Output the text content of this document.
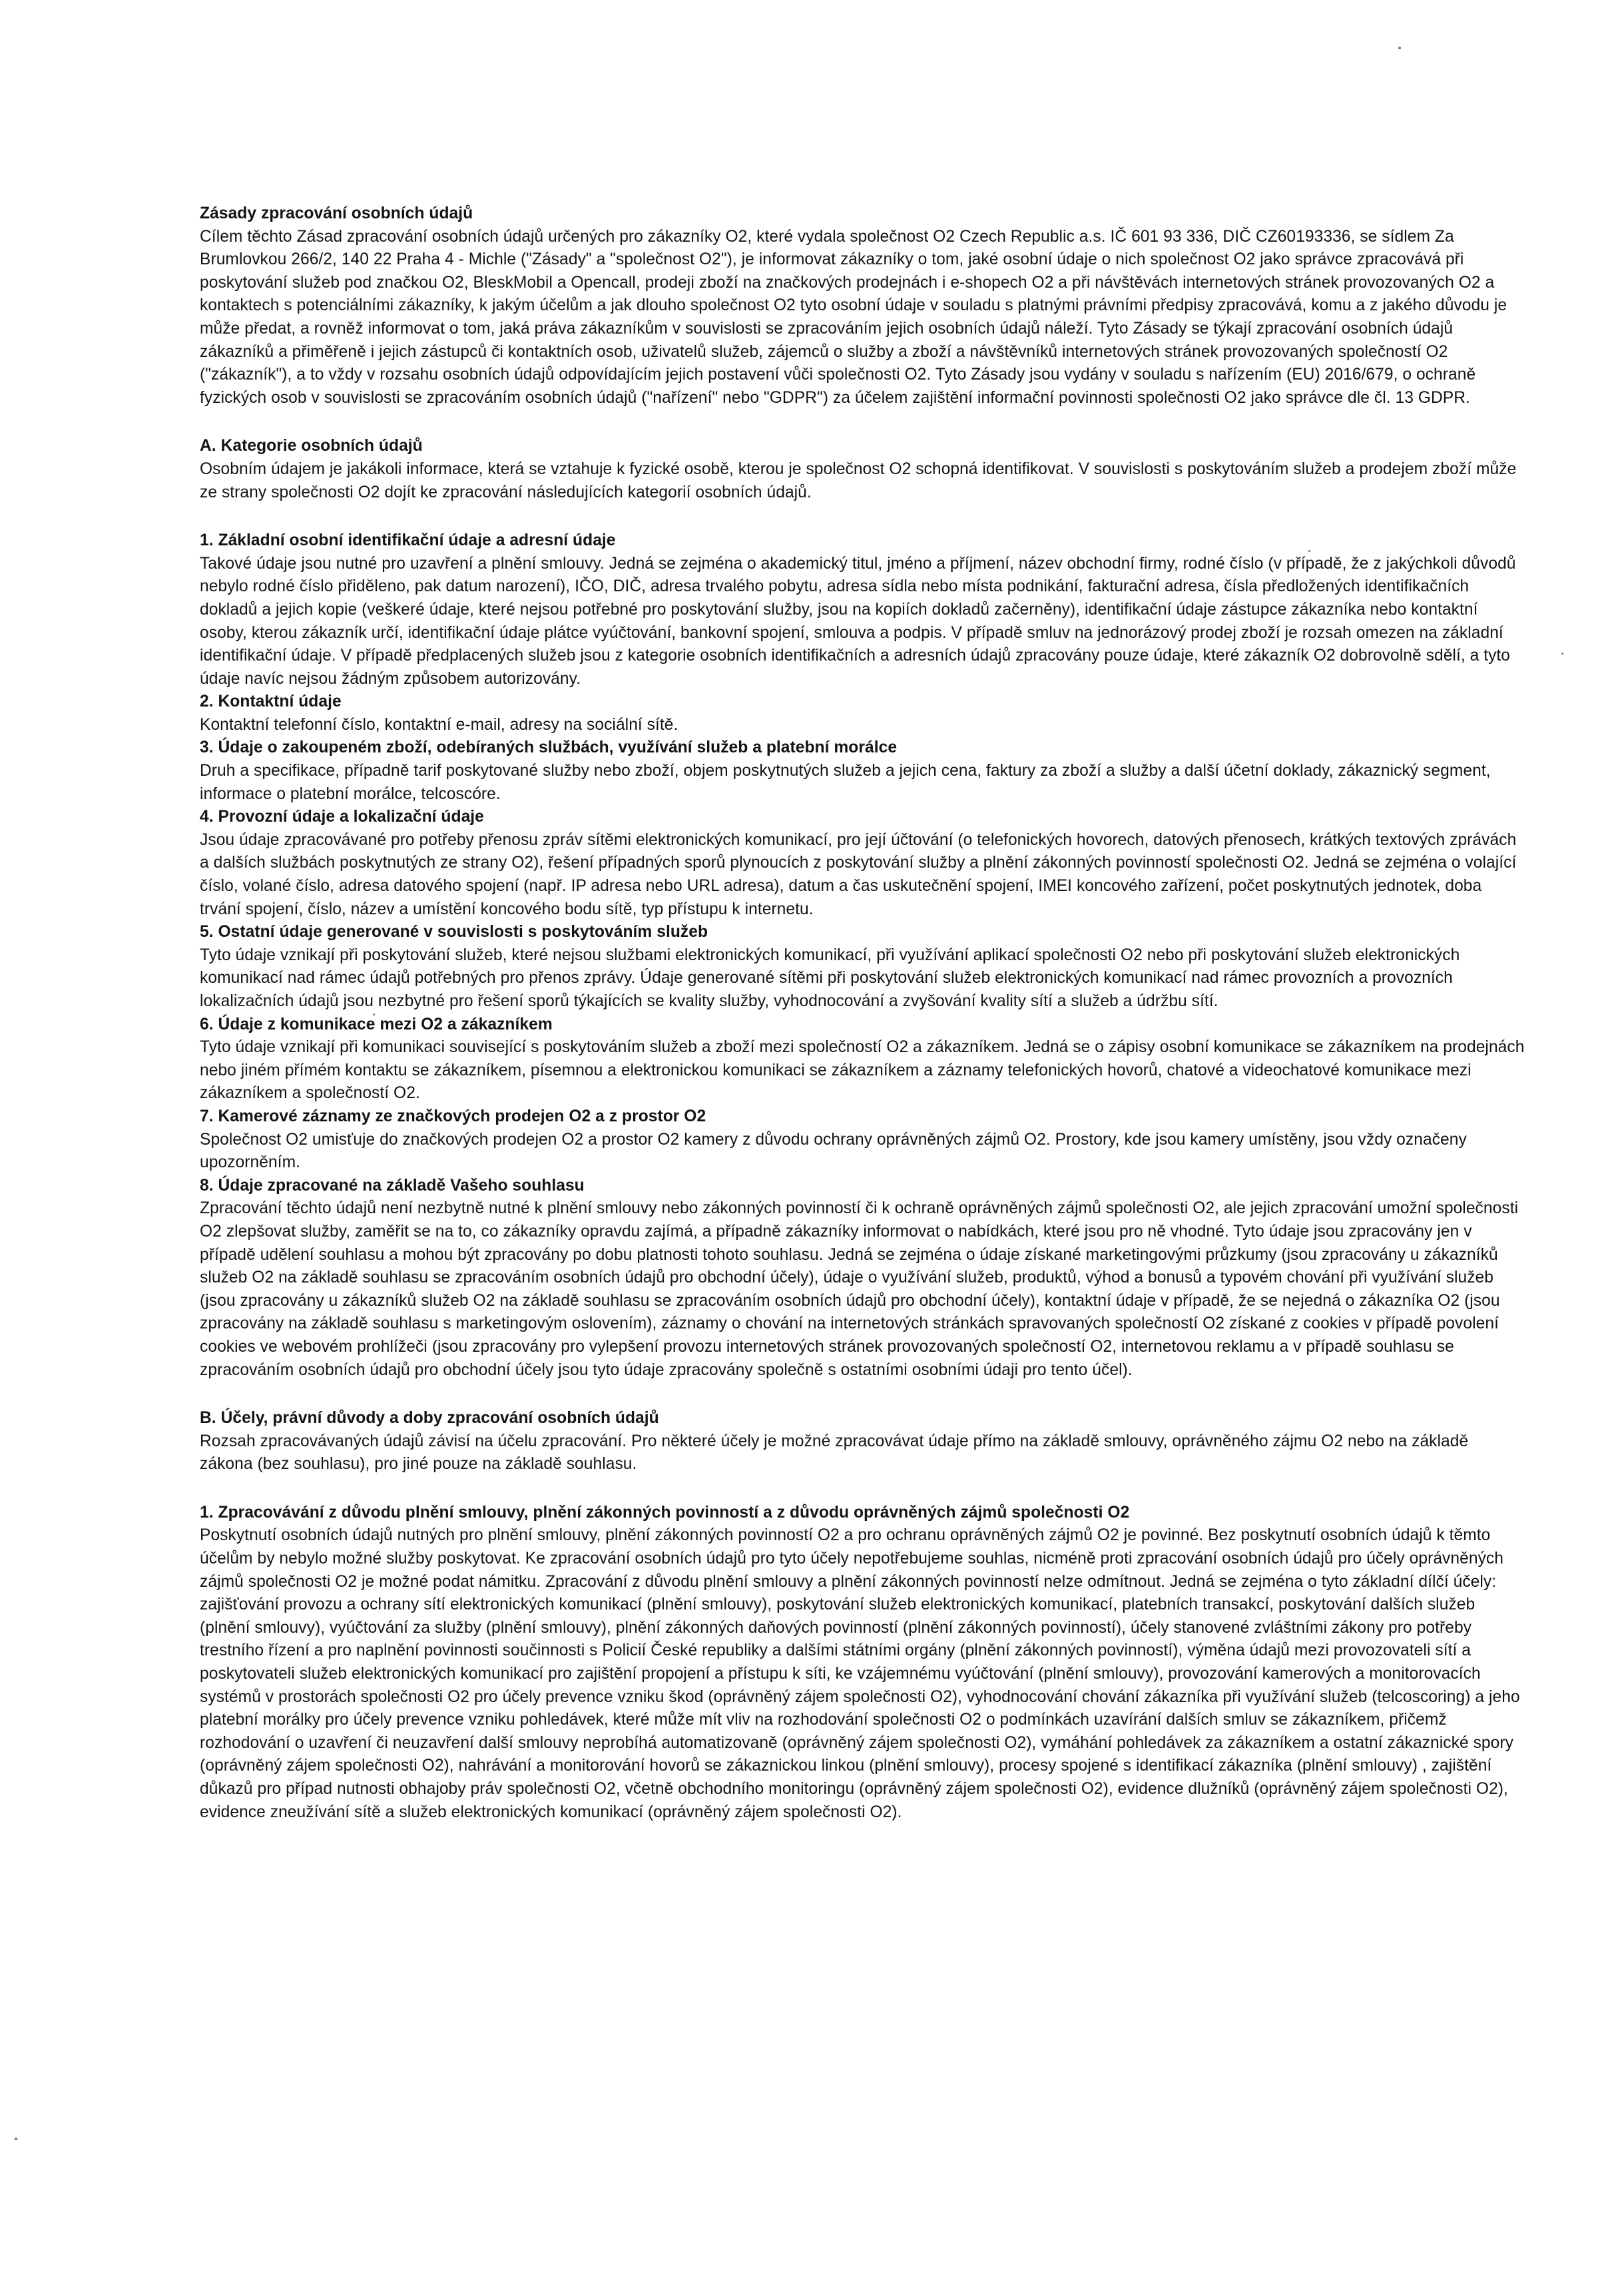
Zásady zpracování osobních údajů

Cílem těchto Zásad zpracování osobních údajů určených pro zákazníky O2, které vydala společnost O2 Czech Republic a.s. IČ 601 93 336, DIČ CZ60193336, se sídlem Za Brumlovkou 266/2, 140 22 Praha 4 - Michle ("Zásady" a "společnost O2"), je informovat zákazníky o tom, jaké osobní údaje o nich společnost O2 jako správce zpracovává při poskytování služeb pod značkou O2, BleskMobil a Opencall, prodeji zboží na značkových prodejnách i e-shopech O2 a při návštěvách internetových stránek provozovaných O2 a kontaktech s potenciálními zákazníky, k jakým účelům a jak dlouho společnost O2 tyto osobní údaje v souladu s platnými právními předpisy zpracovává, komu a z jakého důvodu je může předat, a rovněž informovat o tom, jaká práva zákazníkům v souvislosti se zpracováním jejich osobních údajů náleží. Tyto Zásady se týkají zpracování osobních údajů zákazníků a přiměřeně i jejich zástupců či kontaktních osob, uživatelů služeb, zájemců o služby a zboží a návštěvníků internetových stránek provozovaných společností O2 ("zákazník"), a to vždy v rozsahu osobních údajů odpovídajícím jejich postavení vůči společnosti O2. Tyto Zásady jsou vydány v souladu s nařízením (EU) 2016/679, o ochraně fyzických osob v souvislosti se zpracováním osobních údajů ("nařízení" nebo "GDPR") za účelem zajištění informační povinnosti společnosti O2 jako správce dle čl. 13 GDPR.

A. Kategorie osobních údajů

Osobním údajem je jakákoli informace, která se vztahuje k fyzické osobě, kterou je společnost O2 schopná identifikovat. V souvislosti s poskytováním služeb a prodejem zboží může ze strany společnosti O2 dojít ke zpracování následujících kategorií osobních údajů.

1. Základní osobní identifikační údaje a adresní údaje

Takové údaje jsou nutné pro uzavření a plnění smlouvy. Jedná se zejména o akademický titul, jméno a příjmení, název obchodní firmy, rodné číslo (v případě, že z jakýchkoli důvodů nebylo rodné číslo přiděleno, pak datum narození), IČO, DIČ, adresa trvalého pobytu, adresa sídla nebo místa podnikání, fakturační adresa, čísla předložených identifikačních dokladů a jejich kopie (veškeré údaje, které nejsou potřebné pro poskytování služby, jsou na kopiích dokladů začerněny), identifikační údaje zástupce zákazníka nebo kontaktní osoby, kterou zákazník určí, identifikační údaje plátce vyúčtování, bankovní spojení, smlouva a podpis. V případě smluv na jednorázový prodej zboží je rozsah omezen na základní identifikační údaje. V případě předplacených služeb jsou z kategorie osobních identifikačních a adresních údajů zpracovány pouze údaje, které zákazník O2 dobrovolně sdělí, a tyto údaje navíc nejsou žádným způsobem autorizovány.

2. Kontaktní údaje

Kontaktní telefonní číslo, kontaktní e-mail, adresy na sociální sítě.

3. Údaje o zakoupeném zboží, odebíraných službách, využívání služeb a platební morálce

Druh a specifikace, případně tarif poskytované služby nebo zboží, objem poskytnutých služeb a jejich cena, faktury za zboží a služby a další účetní doklady, zákaznický segment, informace o platební morálce, telcoscóre.

4. Provozní údaje a lokalizační údaje

Jsou údaje zpracovávané pro potřeby přenosu zpráv sítěmi elektronických komunikací, pro její účtování (o telefonických hovorech, datových přenosech, krátkých textových zprávách a dalších službách poskytnutých ze strany O2), řešení případných sporů plynoucích z poskytování služby a plnění zákonných povinností společnosti O2. Jedná se zejména o volající číslo, volané číslo, adresa datového spojení (např. IP adresa nebo URL adresa), datum a čas uskutečnění spojení, IMEI koncového zařízení, počet poskytnutých jednotek, doba trvání spojení, číslo, název a umístění koncového bodu sítě, typ přístupu k internetu.

5. Ostatní údaje generované v souvislosti s poskytováním služeb

Tyto údaje vznikají při poskytování služeb, které nejsou službami elektronických komunikací, při využívání aplikací společnosti O2 nebo při poskytování služeb elektronických komunikací nad rámec údajů potřebných pro přenos zprávy. Údaje generované sítěmi při poskytování služeb elektronických komunikací nad rámec provozních a provozních lokalizačních údajů jsou nezbytné pro řešení sporů týkajících se kvality služby, vyhodnocování a zvyšování kvality sítí a služeb a údržbu sítí.

6. Údaje z komunikace mezi O2 a zákazníkem

Tyto údaje vznikají při komunikaci související s poskytováním služeb a zboží mezi společností O2 a zákazníkem. Jedná se o zápisy osobní komunikace se zákazníkem na prodejnách nebo jiném přímém kontaktu se zákazníkem, písemnou a elektronickou komunikaci se zákazníkem a záznamy telefonických hovorů, chatové a videochatové komunikace mezi zákazníkem a společností O2.

7. Kamerové záznamy ze značkových prodejen O2 a z prostor O2

Společnost O2 umisťuje do značkových prodejen O2 a prostor O2 kamery z důvodu ochrany oprávněných zájmů O2. Prostory, kde jsou kamery umístěny, jsou vždy označeny upozorněním.

8. Údaje zpracované na základě Vašeho souhlasu

Zpracování těchto údajů není nezbytně nutné k plnění smlouvy nebo zákonných povinností či k ochraně oprávněných zájmů společnosti O2, ale jejich zpracování umožní společnosti O2 zlepšovat služby, zaměřit se na to, co zákazníky opravdu zajímá, a případně zákazníky informovat o nabídkách, které jsou pro ně vhodné. Tyto údaje jsou zpracovány jen v případě udělení souhlasu a mohou být zpracovány po dobu platnosti tohoto souhlasu. Jedná se zejména o údaje získané marketingovými průzkumy (jsou zpracovány u zákazníků služeb O2 na základě souhlasu se zpracováním osobních údajů pro obchodní účely), údaje o využívání služeb, produktů, výhod a bonusů a typovém chování při využívání služeb (jsou zpracovány u zákazníků služeb O2 na základě souhlasu se zpracováním osobních údajů pro obchodní účely), kontaktní údaje v případě, že se nejedná o zákazníka O2 (jsou zpracovány na základě souhlasu s marketingovým oslovením), záznamy o chování na internetových stránkách spravovaných společností O2 získané z cookies v případě povolení cookies ve webovém prohlížeči (jsou zpracovány pro vylepšení provozu internetových stránek provozovaných společností O2, internetovou reklamu a v případě souhlasu se zpracováním osobních údajů pro obchodní účely jsou tyto údaje zpracovány společně s ostatními osobními údaji pro tento účel).

B. Účely, právní důvody a doby zpracování osobních údajů

Rozsah zpracovávaných údajů závisí na účelu zpracování. Pro některé účely je možné zpracovávat údaje přímo na základě smlouvy, oprávněného zájmu O2 nebo na základě zákona (bez souhlasu), pro jiné pouze na základě souhlasu.

1. Zpracovávání z důvodu plnění smlouvy, plnění zákonných povinností a z důvodu oprávněných zájmů společnosti O2

Poskytnutí osobních údajů nutných pro plnění smlouvy, plnění zákonných povinností O2 a pro ochranu oprávněných zájmů O2 je povinné. Bez poskytnutí osobních údajů k těmto účelům by nebylo možné služby poskytovat. Ke zpracování osobních údajů pro tyto účely nepotřebujeme souhlas, nicméně proti zpracování osobních údajů pro účely oprávněných zájmů společnosti O2 je možné podat námitku. Zpracování z důvodu plnění smlouvy a plnění zákonných povinností nelze odmítnout. Jedná se zejména o tyto základní dílčí účely: zajišťování provozu a ochrany sítí elektronických komunikací (plnění smlouvy), poskytování služeb elektronických komunikací, platebních transakcí, poskytování dalších služeb (plnění smlouvy), vyúčtování za služby (plnění smlouvy), plnění zákonných daňových povinností (plnění zákonných povinností), účely stanovené zvláštními zákony pro potřeby trestního řízení a pro naplnění povinnosti součinnosti s Policií České republiky a dalšími státními orgány (plnění zákonných povinností), výměna údajů mezi provozovateli sítí a poskytovateli služeb elektronických komunikací pro zajištění propojení a přístupu k síti, ke vzájemnému vyúčtování (plnění smlouvy), provozování kamerových a monitorovacích systémů v prostorách společnosti O2 pro účely prevence vzniku škod (oprávněný zájem společnosti O2), vyhodnocování chování zákazníka při využívání služeb (telcoscoring) a jeho platební morálky pro účely prevence vzniku pohledávek, které může mít vliv na rozhodování společnosti O2 o podmínkách uzavírání dalších smluv se zákazníkem, přičemž rozhodování o uzavření či neuzavření další smlouvy neprobíhá automatizovaně (oprávněný zájem společnosti O2), vymáhání pohledávek za zákazníkem a ostatní zákaznické spory (oprávněný zájem společnosti O2), nahrávání a monitorování hovorů se zákaznickou linkou (plnění smlouvy), procesy spojené s identifikací zákazníka (plnění smlouvy) , zajištění důkazů pro případ nutnosti obhajoby práv společnosti O2, včetně obchodního monitoringu (oprávněný zájem společnosti O2), evidence dlužníků (oprávněný zájem společnosti O2), evidence zneužívání sítě a služeb elektronických komunikací (oprávněný zájem společnosti O2).
